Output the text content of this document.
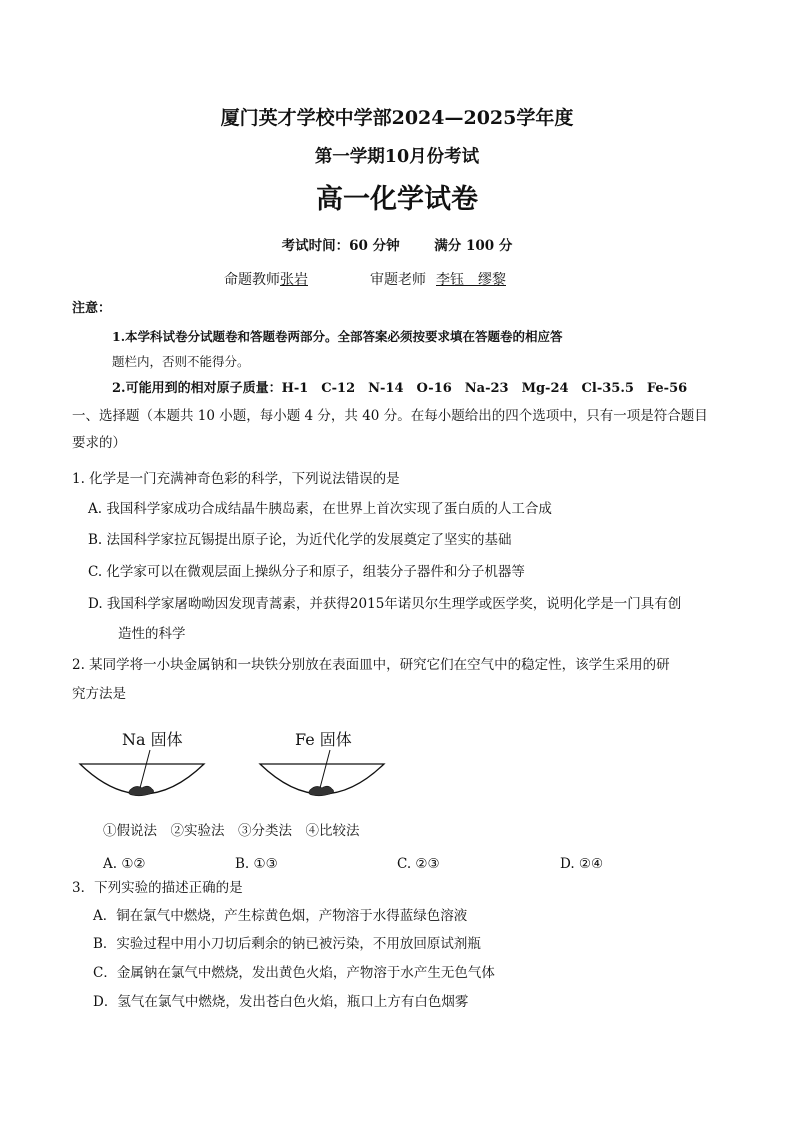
厦门英才学校中学部2024—2025学年度
第一学期10月份考试
高一化学试卷
考试时间：60 分钟	满分 100 分
命题教师张岩	审题老师 李钰　缪黎
注意：
1.本学科试卷分试题卷和答题卷两部分。全部答案必须按要求填在答题卷的相应答
题栏内，否则不能得分。
2.可能用到的相对原子质量：H-1　C-12　N-14　O-16　Na-23　Mg-24　Cl-35.5　Fe-56
一、选择题（本题共 10 小题，每小题 4 分，共 40 分。在每小题给出的四个选项中，只有一项是符合题目
要求的）
1. 化学是一门充满神奇色彩的科学，下列说法错误的是
A. 我国科学家成功合成结晶牛胰岛素，在世界上首次实现了蛋白质的人工合成
B. 法国科学家拉瓦锡提出原子论，为近代化学的发展奠定了坚实的基础
C. 化学家可以在微观层面上操纵分子和原子，组装分子器件和分子机器等
D. 我国科学家屠呦呦因发现青蒿素，并获得2015年诺贝尔生理学或医学奖，说明化学是一门具有创
造性的科学
2. 某同学将一小块金属钠和一块铁分别放在表面皿中，研究它们在空气中的稳定性，该学生采用的研
究方法是
Na 固体	Fe 固体
①假说法　②实验法　③分类法　④比较法
A. ①②	B. ①③	C. ②③	D. ②④
3．下列实验的描述正确的是
A．铜在氯气中燃烧，产生棕黄色烟，产物溶于水得蓝绿色溶液
B．实验过程中用小刀切后剩余的钠已被污染，不用放回原试剂瓶
C．金属钠在氯气中燃烧，发出黄色火焰，产物溶于水产生无色气体
D．氢气在氯气中燃烧，发出苍白色火焰，瓶口上方有白色烟雾
